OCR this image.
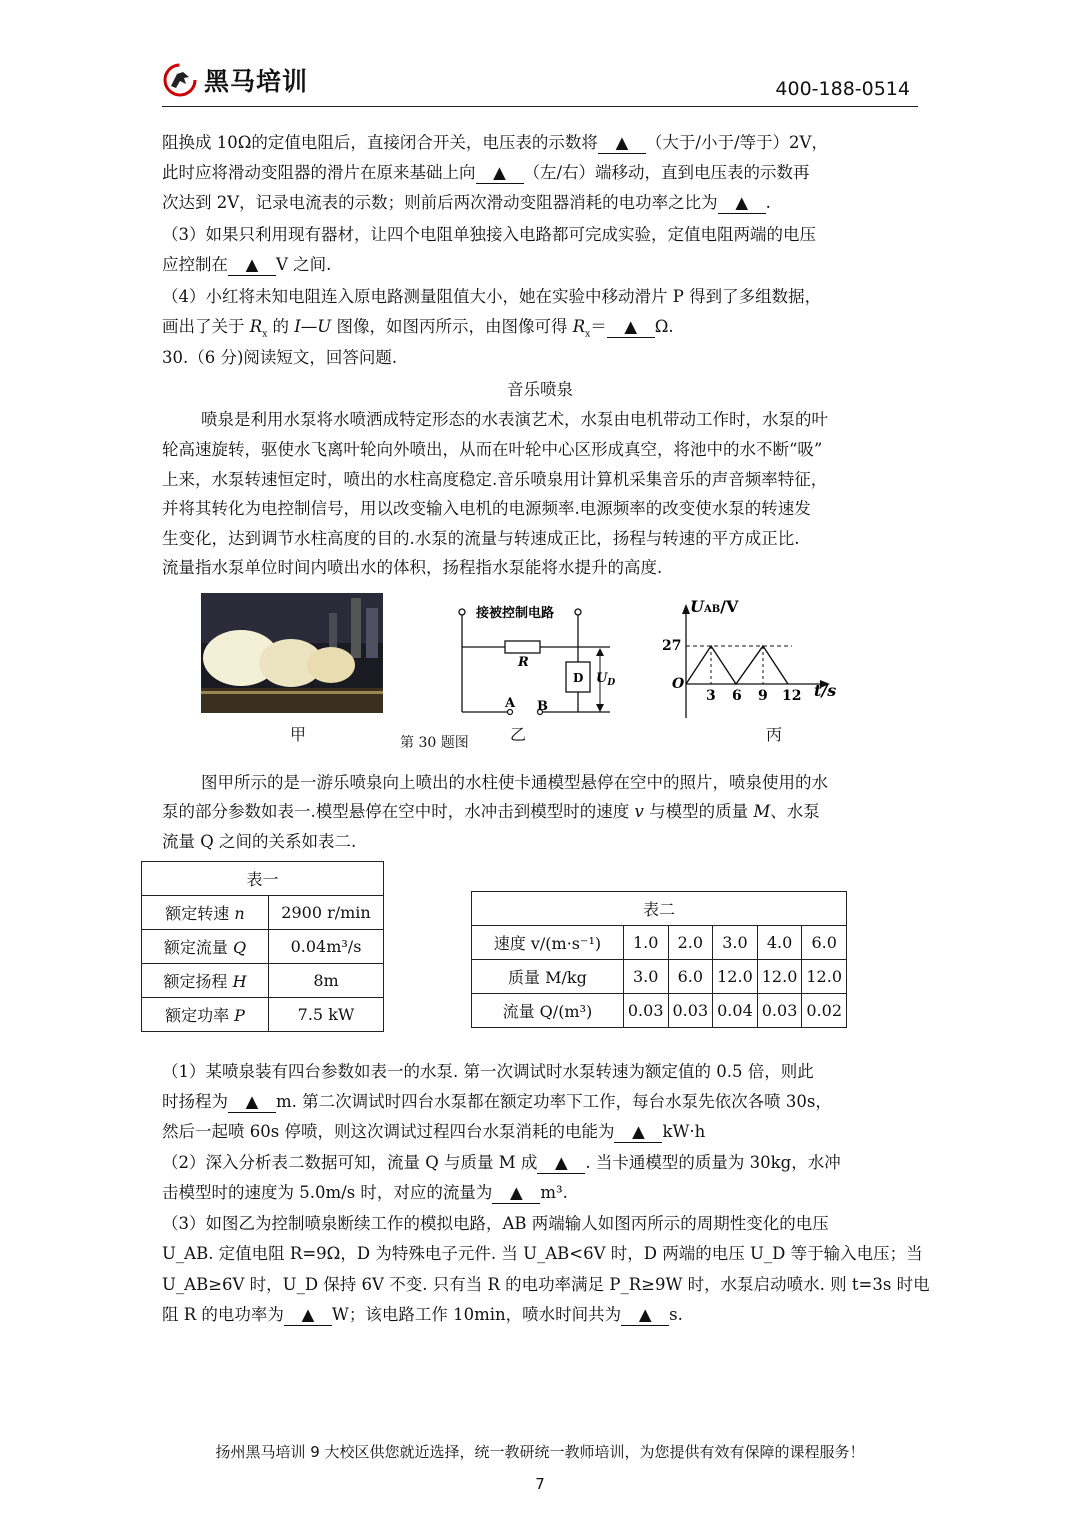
黑马培训	400-188-0514
阻换成 10Ω的定值电阻后，直接闭合开关，电压表的示数将 ▲ （大于/小于/等于）2V，
此时应将滑动变阻器的滑片在原来基础上向 ▲ （左/右）端移动，直到电压表的示数再
次达到 2V，记录电流表的示数；则前后两次滑动变阻器消耗的电功率之比为 ▲ .
（3）如果只利用现有器材，让四个电阻单独接入电路都可完成实验，定值电阻两端的电压
应控制在 ▲ V 之间.
（4）小红将未知电阻连入原电路测量阻值大小，她在实验中移动滑片 P 得到了多组数据，
画出了关于 $R_x$ 的 I—U 图像，如图丙所示，由图像可得 $R_x=$ ▲ Ω.
30.（6 分)阅读短文，回答问题.
音乐喷泉
喷泉是利用水泵将水喷洒成特定形态的水表演艺术，水泵由电机带动工作时，水泵的叶
轮高速旋转，驱使水飞离叶轮向外喷出，从而在叶轮中心区形成真空，将池中的水不断“吸”
上来，水泵转速恒定时，喷出的水柱高度稳定.音乐喷泉用计算机采集音乐的声音频率特征，
并将其转化为电控制信号，用以改变输入电机的电源频率.电源频率的改变使水泵的转速发
生变化，达到调节水柱高度的目的.水泵的流量与转速成正比，扬程与转速的平方成正比.
流量指水泵单位时间内喷出水的体积，扬程指水泵能将水提升的高度.
接被控制电路
R
D
A B
$U_D$
UAB/V
27
O
3 6 9 12 t/s
甲	第 30 题图	乙	丙
图甲所示的是一游乐喷泉向上喷出的水柱使卡通模型悬停在空中的照片，喷泉使用的水
泵的部分参数如表一.模型悬停在空中时，水冲击到模型时的速度 v 与模型的质量 M、水泵
流量 Q 之间的关系如表二.
表一	
额定转速 n	2900 r/min
额定流量 Q	0.04m³/s
额定扬程 H	8m
额定功率 P	7.5 kW
表二					
速度 v/(m·s⁻¹)	1.0	2.0	3.0	4.0	6.0
质量 M/kg	3.0	6.0	12.0	12.0	12.0
流量 Q/(m³)	0.03	0.03	0.04	0.03	0.02
（1）某喷泉装有四台参数如表一的水泵. 第一次调试时水泵转速为额定值的 0.5 倍，则此
时扬程为 ▲ m. 第二次调试时四台水泵都在额定功率下工作，每台水泵先依次各喷 30s，
然后一起喷 60s 停喷，则这次调试过程四台水泵消耗的电能为 ▲ kW·h
（2）深入分析表二数据可知，流量 Q 与质量 M 成 ▲ . 当卡通模型的质量为 30kg，水冲
击模型时的速度为 5.0m/s 时，对应的流量为 ▲ m³.
（3）如图乙为控制喷泉断续工作的模拟电路，AB 两端输人如图丙所示的周期性变化的电压
U_AB. 定值电阻 R=9Ω，D 为特殊电子元件. 当 U_AB<6V 时，D 两端的电压 U_D 等于输入电压；当
U_AB≥6V 时，U_D 保持 6V 不变. 只有当 R 的电功率满足 P_R≥9W 时，水泵启动喷水. 则 t=3s 时电
阻 R 的电功率为 ▲ W；该电路工作 10min，喷水时间共为 ▲ s.
扬州黑马培训 9 大校区供您就近选择，统一教研统一教师培训，为您提供有效有保障的课程服务！
7
